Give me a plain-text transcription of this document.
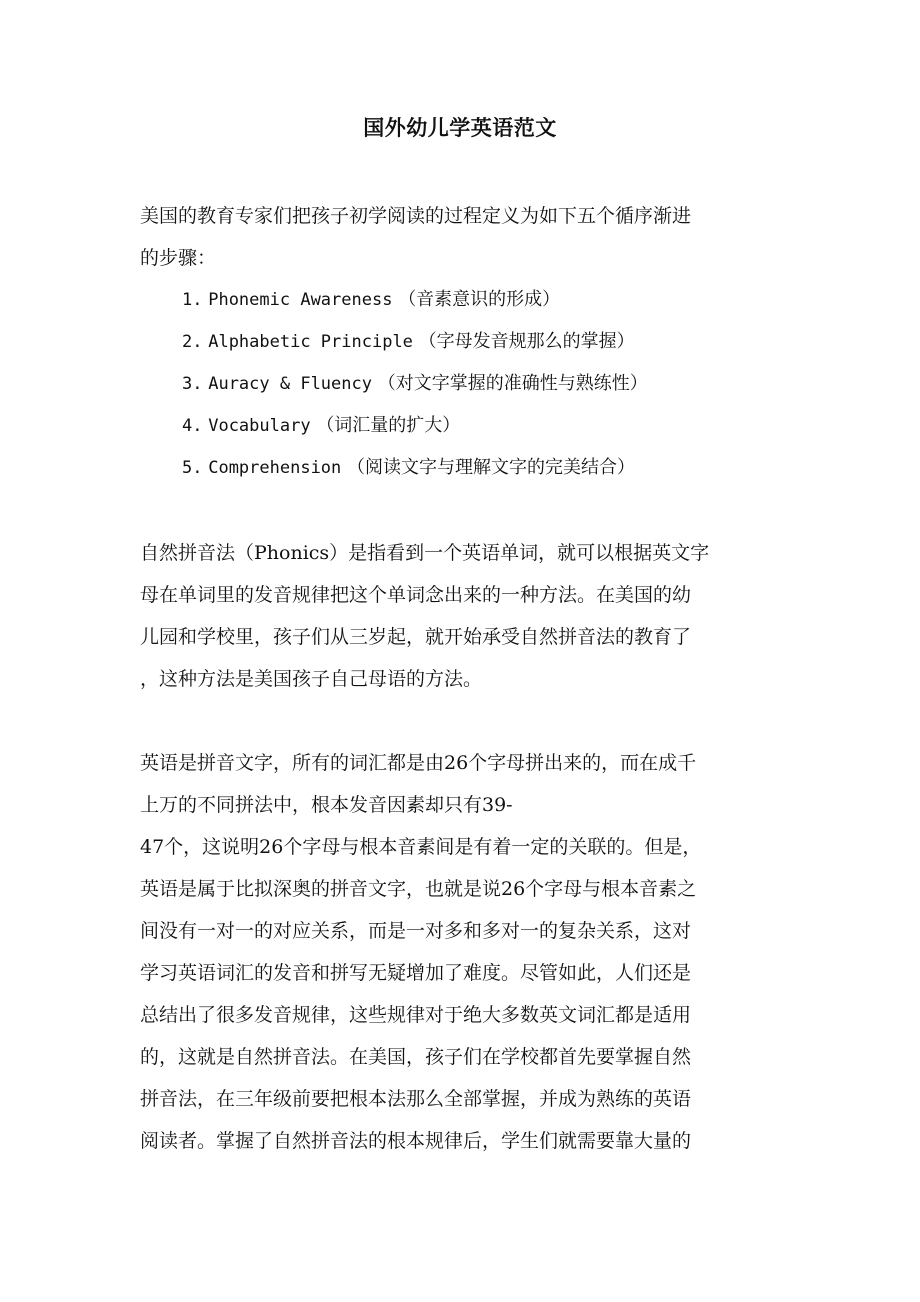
国外幼儿学英语范文
美国的教育专家们把孩子初学阅读的过程定义为如下五个循序渐进
的步骤：
1. Phonemic Awareness （音素意识的形成）
2. Alphabetic Principle （字母发音规那么的掌握）
3. Auracy & Fluency （对文字掌握的准确性与熟练性）
4. Vocabulary （词汇量的扩大）
5. Comprehension （阅读文字与理解文字的完美结合）
自然拼音法（Phonics）是指看到一个英语单词，就可以根据英文字
母在单词里的发音规律把这个单词念出来的一种方法。在美国的幼
儿园和学校里，孩子们从三岁起，就开始承受自然拼音法的教育了
，这种方法是美国孩子自己母语的方法。
英语是拼音文字，所有的词汇都是由26个字母拼出来的，而在成千
上万的不同拼法中，根本发音因素却只有39-
47个，这说明26个字母与根本音素间是有着一定的关联的。但是，
英语是属于比拟深奥的拼音文字，也就是说26个字母与根本音素之
间没有一对一的对应关系，而是一对多和多对一的复杂关系，这对
学习英语词汇的发音和拼写无疑增加了难度。尽管如此，人们还是
总结出了很多发音规律，这些规律对于绝大多数英文词汇都是适用
的，这就是自然拼音法。在美国，孩子们在学校都首先要掌握自然
拼音法，在三年级前要把根本法那么全部掌握，并成为熟练的英语
阅读者。掌握了自然拼音法的根本规律后，学生们就需要靠大量的
